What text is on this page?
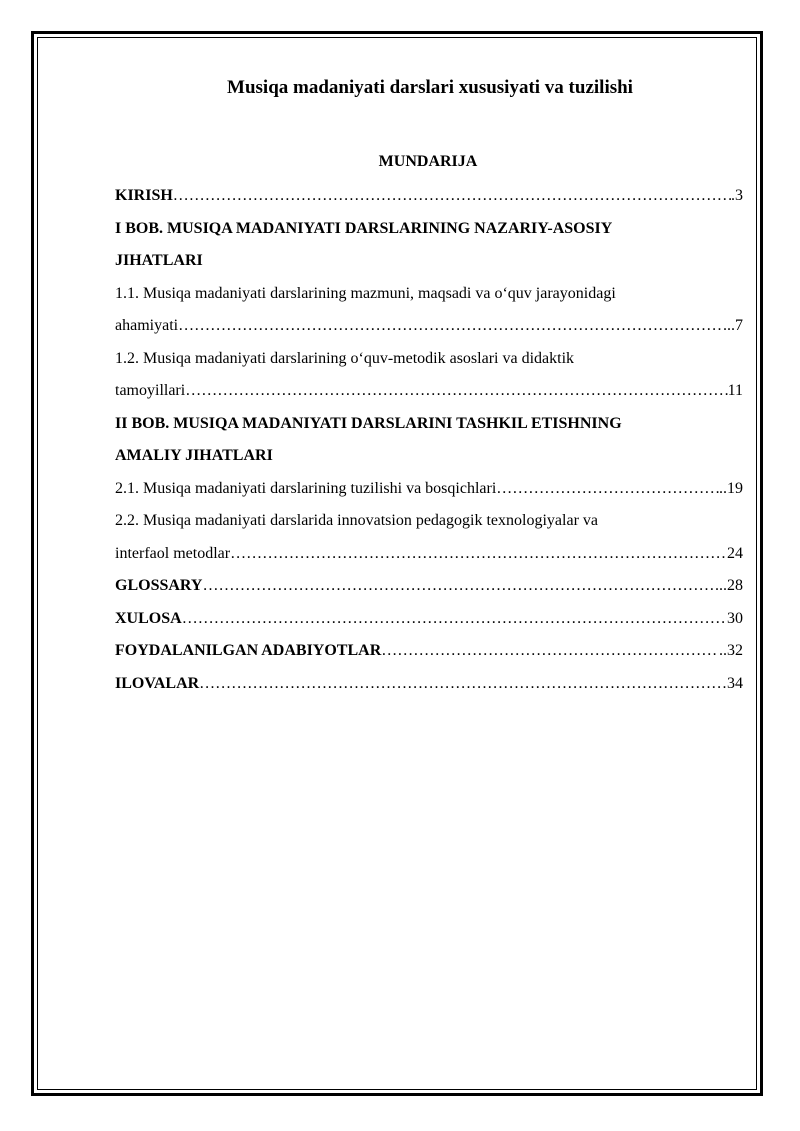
Musiqa madaniyati darslari xususiyati va tuzilishi
MUNDARIJA
KIRISH …………………………………………………………………………………………………………………………………………………………………………………………………………	. 3
I BOB. MUSIQA MADANIYATI DARSLARINING NAZARIY-ASOSIY
JIHATLARI
1.1. Musiqa madaniyati darslarining mazmuni, maqsadi va o‘quv jarayonidagi
ahamiyati …………………………………………………………………………………………………………………………………………………………………………………………………………	... 7
1.2. Musiqa madaniyati darslarining o‘quv-metodik asoslari va didaktik
tamoyillari …………………………………………………………………………………………………………………………………………………………………………………………………………	11
II BOB. MUSIQA MADANIYATI DARSLARINI TASHKIL ETISHNING
AMALIY JIHATLARI
2.1. Musiqa madaniyati darslarining tuzilishi va bosqichlari …………………………………………………………………………………………………………………………………………………………………………………………………………	.. 19
2.2. Musiqa madaniyati darslarida innovatsion pedagogik texnologiyalar va
interfaol metodlar …………………………………………………………………………………………………………………………………………………………………………………………………………	24
GLOSSARY …………………………………………………………………………………………………………………………………………………………………………………………………………	... 28
XULOSA …………………………………………………………………………………………………………………………………………………………………………………………………………	30
FOYDALANILGAN ADABIYOTLAR …………………………………………………………………………………………………………………………………………………………………………………………………………	.. 32
ILOVALAR …………………………………………………………………………………………………………………………………………………………………………………………………………	34
